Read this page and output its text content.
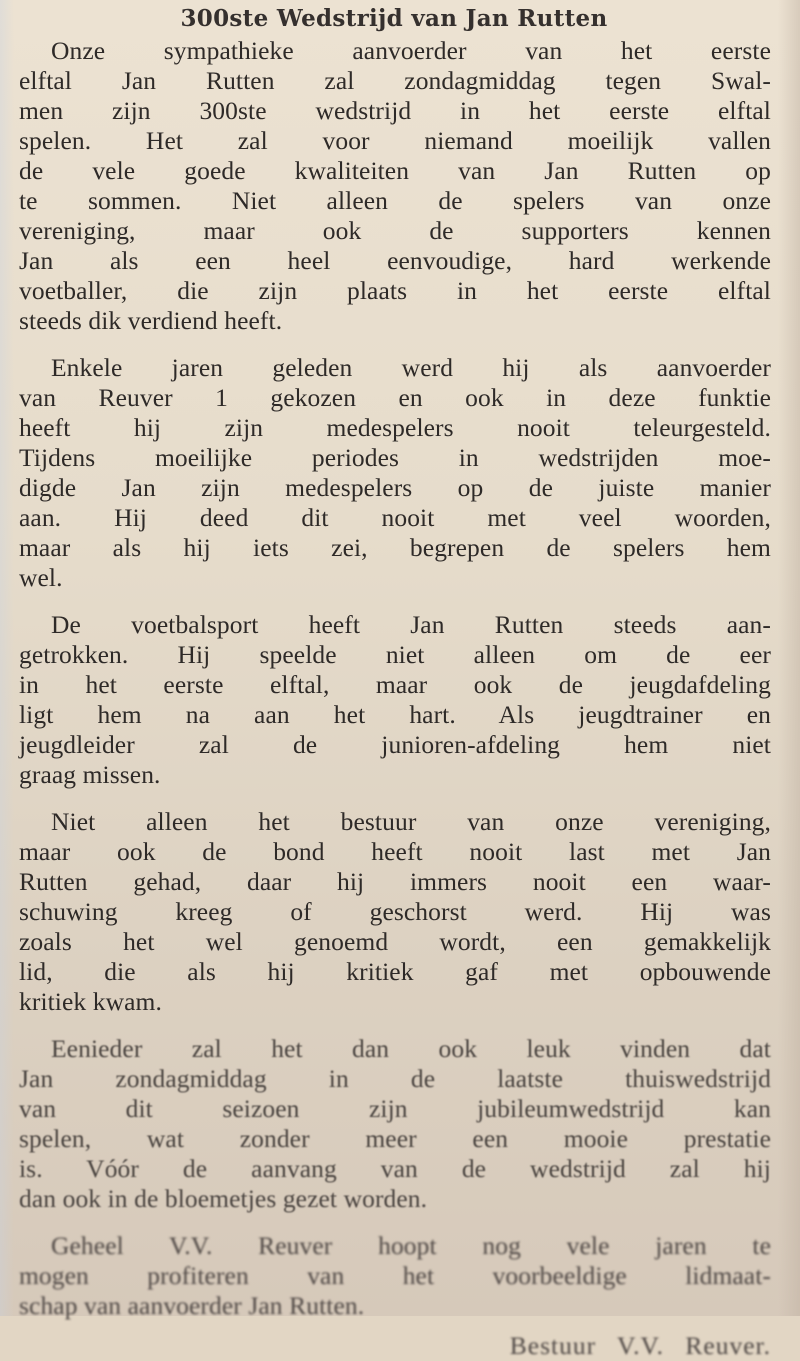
300ste Wedstrijd van Jan Rutten
Onze sympathieke aanvoerder van het eerste
elftal Jan Rutten zal zondagmiddag tegen Swal-
men zijn 300ste wedstrijd in het eerste elftal
spelen. Het zal voor niemand moeilijk vallen
de vele goede kwaliteiten van Jan Rutten op
te sommen. Niet alleen de spelers van onze
vereniging, maar ook de supporters kennen
Jan als een heel eenvoudige, hard werkende
voetballer, die zijn plaats in het eerste elftal
steeds dik verdiend heeft.
Enkele jaren geleden werd hij als aanvoerder
van Reuver 1 gekozen en ook in deze funktie
heeft hij zijn medespelers nooit teleurgesteld.
Tijdens moeilijke periodes in wedstrijden moe-
digde Jan zijn medespelers op de juiste manier
aan. Hij deed dit nooit met veel woorden,
maar als hij iets zei, begrepen de spelers hem
wel.
De voetbalsport heeft Jan Rutten steeds aan-
getrokken. Hij speelde niet alleen om de eer
in het eerste elftal, maar ook de jeugdafdeling
ligt hem na aan het hart. Als jeugdtrainer en
jeugdleider zal de junioren-afdeling hem niet
graag missen.
Niet alleen het bestuur van onze vereniging,
maar ook de bond heeft nooit last met Jan
Rutten gehad, daar hij immers nooit een waar-
schuwing kreeg of geschorst werd. Hij was
zoals het wel genoemd wordt, een gemakkelijk
lid, die als hij kritiek gaf met opbouwende
kritiek kwam.
Eenieder zal het dan ook leuk vinden dat
Jan zondagmiddag in de laatste thuiswedstrijd
van dit seizoen zijn jubileumwedstrijd kan
spelen, wat zonder meer een mooie prestatie
is. Vóór de aanvang van de wedstrijd zal hij
dan ook in de bloemetjes gezet worden.
Geheel V.V. Reuver hoopt nog vele jaren te
mogen profiteren van het voorbeeldige lidmaat-
schap van aanvoerder Jan Rutten.
Bestuur V.V. Reuver.
